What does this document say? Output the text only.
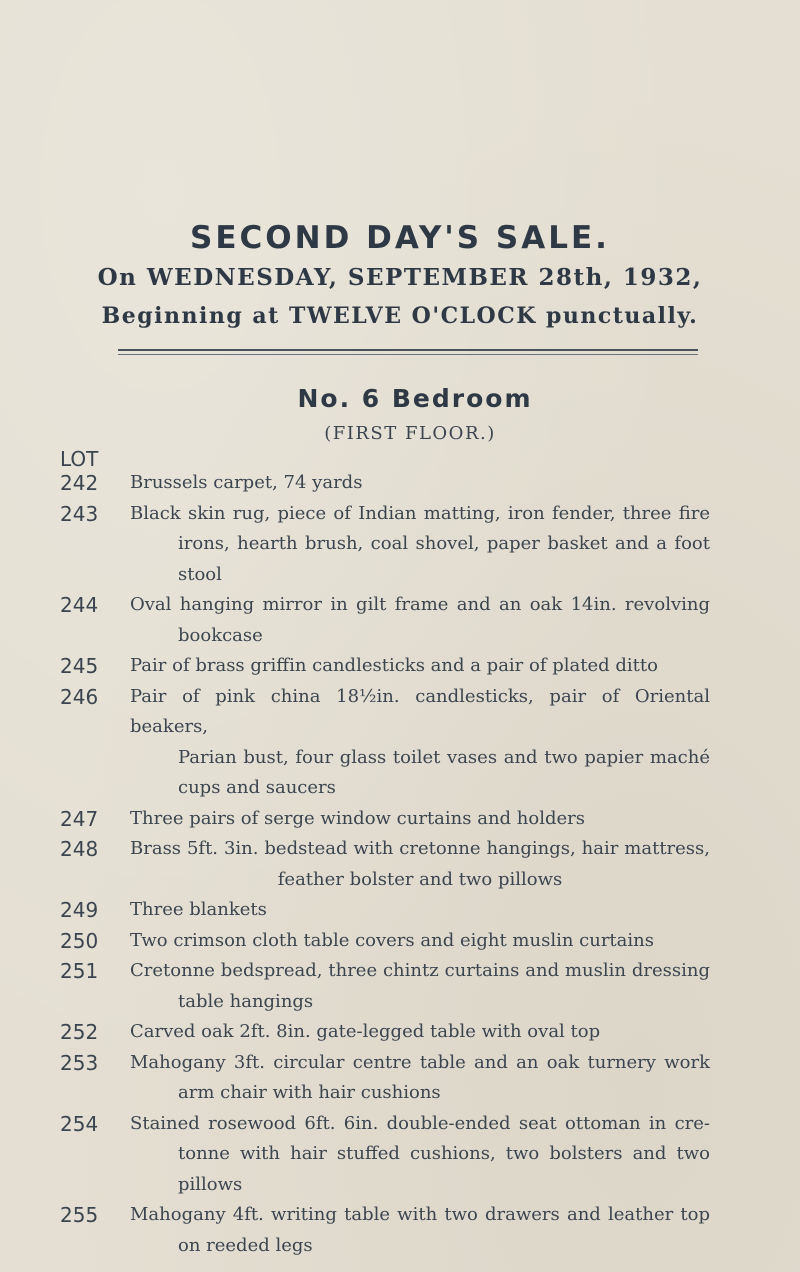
SECOND DAY'S SALE.

On WEDNESDAY, SEPTEMBER 28th, 1932,

Beginning at TWELVE O'CLOCK punctually.

No. 6 Bedroom

(FIRST FLOOR.)

LOT
242	Brussels carpet, 74 yards
243	Black skin rug, piece of Indian matting, iron fender, three fire
irons, hearth brush, coal shovel, paper basket and a foot
stool
244	Oval hanging mirror in gilt frame and an oak 14in. revolving
bookcase
245	Pair of brass griffin candlesticks and a pair of plated ditto
246	Pair of pink china 18½in. candlesticks, pair of Oriental beakers,
Parian bust, four glass toilet vases and two papier maché
cups and saucers
247	Three pairs of serge window curtains and holders
248	Brass 5ft. 3in. bedstead with cretonne hangings, hair mattress,
feather bolster and two pillows
249	Three blankets
250	Two crimson cloth table covers and eight muslin curtains
251	Cretonne bedspread, three chintz curtains and muslin dressing
table hangings
252	Carved oak 2ft. 8in. gate-legged table with oval top
253	Mahogany 3ft. circular centre table and an oak turnery work
arm chair with hair cushions
254	Stained rosewood 6ft. 6in. double-ended seat ottoman in cre-
tonne with hair stuffed cushions, two bolsters and two
pillows
255	Mahogany 4ft. writing table with two drawers and leather top
on reeded legs
